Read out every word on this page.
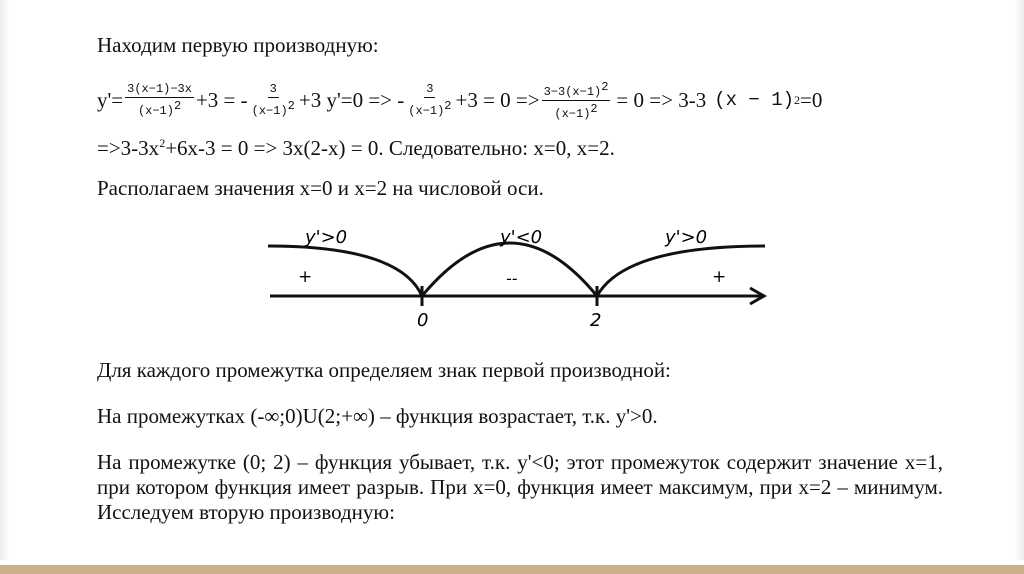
Находим первую производную:
$y'= \frac{3(x-1)-3x}{(x-1)2} +3$ = - $\frac{3}{(x-1)2} +3$ y'=0 => - $\frac{3}{(x-1)2} +3 = 0 => \frac{3-3(x-1)2}{(x-1)2} = 0 => 3-3$ (x − 1) 2 =0
$=>3-3x^2+6x-3 = 0 => 3x(2-x) = 0$. Следовательно: x=0, x=2.
Располагаем значения x=0 и x=2 на числовой оси.
y'>0	y'<0	y'>0
+	--	+
0	2
Для каждого промежутка определяем знак первой производной:
На промежутках (-∞;0)U(2;+∞) – функция возрастает, т.к. y'>0.
На промежутке (0; 2) – функция убывает, т.к. y'<0; этот промежуток содержит значение x=1, при котором функция имеет разрыв. При x=0, функция имеет максимум, при x=2 – минимум. Исследуем вторую производную:
